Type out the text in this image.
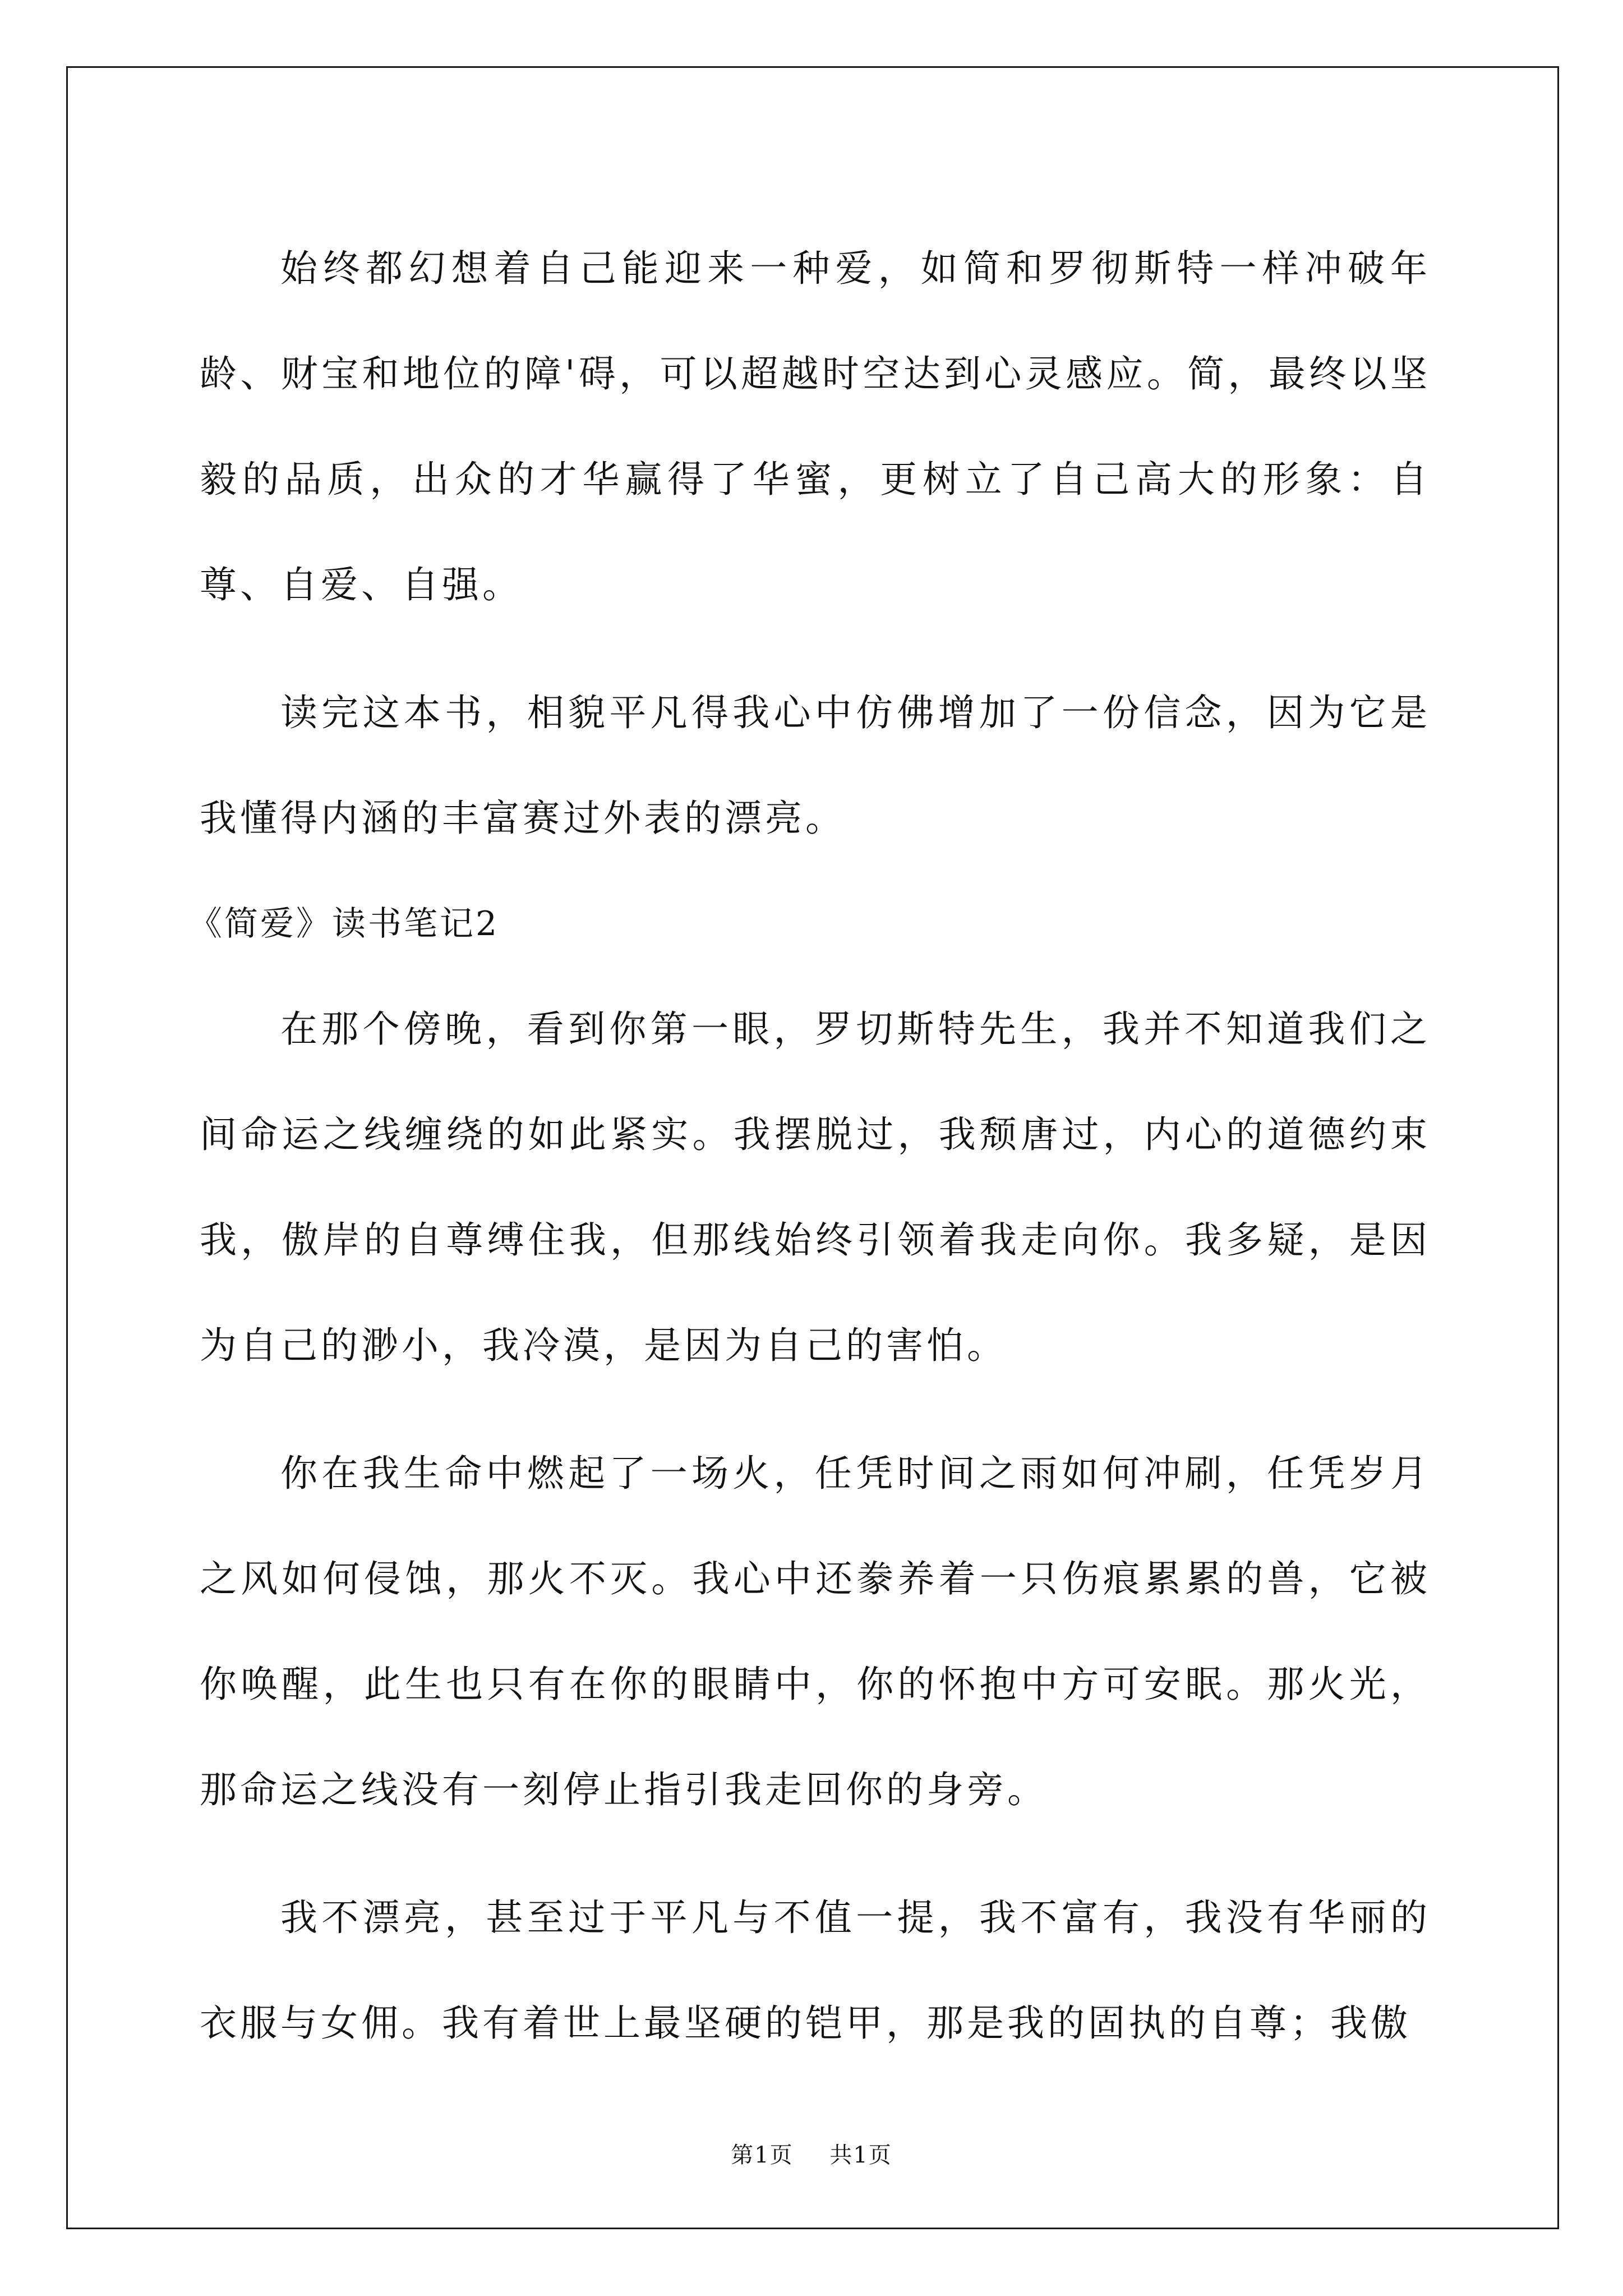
始终都幻想着自己能迎来一种爱，如简和罗彻斯特一样冲破年龄、财宝和地位的障'碍，可以超越时空达到心灵感应。简，最终以坚毅的品质，出众的才华赢得了华蜜，更树立了自己高大的形象：自尊、自爱、自强。

读完这本书，相貌平凡得我心中仿佛增加了一份信念，因为它是我懂得内涵的丰富赛过外表的漂亮。

《简爱》读书笔记2

在那个傍晚，看到你第一眼，罗切斯特先生，我并不知道我们之间命运之线缠绕的如此紧实。我摆脱过，我颓唐过，内心的道德约束我，傲岸的自尊缚住我，但那线始终引领着我走向你。我多疑，是因为自己的渺小，我冷漠，是因为自己的害怕。

你在我生命中燃起了一场火，任凭时间之雨如何冲刷，任凭岁月之风如何侵蚀，那火不灭。我心中还豢养着一只伤痕累累的兽，它被你唤醒，此生也只有在你的眼睛中，你的怀抱中方可安眠。那火光，那命运之线没有一刻停止指引我走回你的身旁。

我不漂亮，甚至过于平凡与不值一提，我不富有，我没有华丽的衣服与女佣。我有着世上最坚硬的铠甲，那是我的固执的自尊；我傲

第1页 共1页
